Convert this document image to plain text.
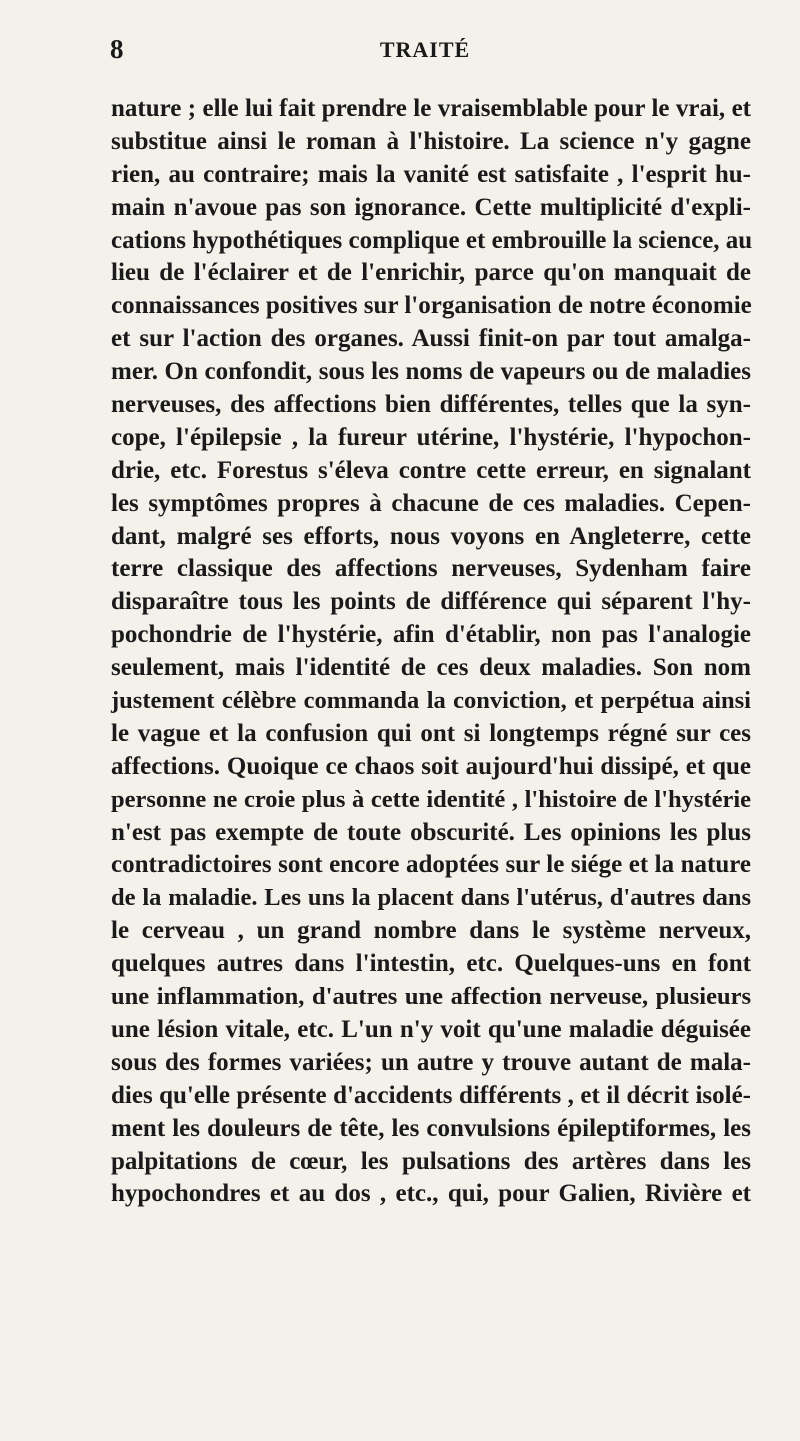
8	TRAITÉ
nature ; elle lui fait prendre le vraisemblable pour le vrai, et
substitue ainsi le roman à l'histoire. La science n'y gagne
rien, au contraire; mais la vanité est satisfaite , l'esprit hu-
main n'avoue pas son ignorance. Cette multiplicité d'expli-
cations hypothétiques complique et embrouille la science, au
lieu de l'éclairer et de l'enrichir, parce qu'on manquait de
connaissances positives sur l'organisation de notre économie
et sur l'action des organes. Aussi finit-on par tout amalga-
mer. On confondit, sous les noms de vapeurs ou de maladies
nerveuses, des affections bien différentes, telles que la syn-
cope, l'épilepsie , la fureur utérine, l'hystérie, l'hypochon-
drie, etc. Forestus s'éleva contre cette erreur, en signalant
les symptômes propres à chacune de ces maladies. Cepen-
dant, malgré ses efforts, nous voyons en Angleterre, cette
terre classique des affections nerveuses, Sydenham faire
disparaître tous les points de différence qui séparent l'hy-
pochondrie de l'hystérie, afin d'établir, non pas l'analogie
seulement, mais l'identité de ces deux maladies. Son nom
justement célèbre commanda la conviction, et perpétua ainsi
le vague et la confusion qui ont si longtemps régné sur ces
affections. Quoique ce chaos soit aujourd'hui dissipé, et que
personne ne croie plus à cette identité , l'histoire de l'hystérie
n'est pas exempte de toute obscurité. Les opinions les plus
contradictoires sont encore adoptées sur le siége et la nature
de la maladie. Les uns la placent dans l'utérus, d'autres dans
le cerveau , un grand nombre dans le système nerveux,
quelques autres dans l'intestin, etc. Quelques-uns en font
une inflammation, d'autres une affection nerveuse, plusieurs
une lésion vitale, etc. L'un n'y voit qu'une maladie déguisée
sous des formes variées; un autre y trouve autant de mala-
dies qu'elle présente d'accidents différents , et il décrit isolé-
ment les douleurs de tête, les convulsions épileptiformes, les
palpitations de cœur, les pulsations des artères dans les
hypochondres et au dos , etc., qui, pour Galien, Rivière et
